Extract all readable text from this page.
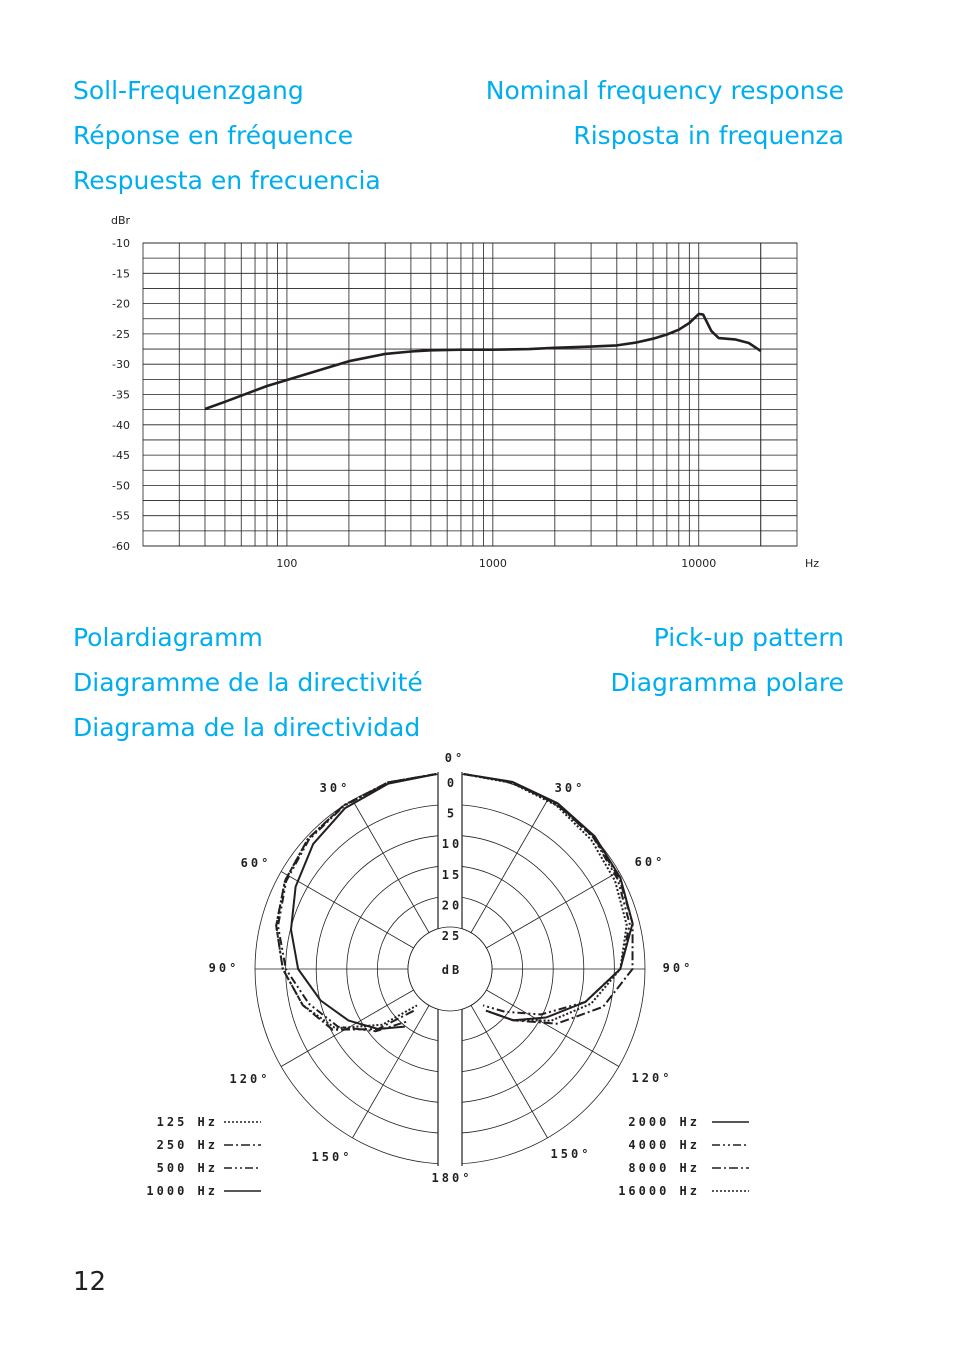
Soll-Frequenzgang	Nominal frequency response
Réponse en fréquence	Risposta in frequenza
Respuesta en frecuencia
-10
-15
-20
-25
-30
-35
-40
-45
-50
-55
-60
dBr
100	1000	10000	Hz
Polardiagramm	Pick-up pattern
Diagramme de la directivité	Diagramma polare
Diagrama de la directividad
0
5
10
15
20
25
dB
0°
30°
60°
90°
120°
150°
180°
30°
60°
90°
120°
150°
125 Hz
250 Hz
500 Hz
1000 Hz
2000 Hz
4000 Hz
8000 Hz
16000 Hz
12
